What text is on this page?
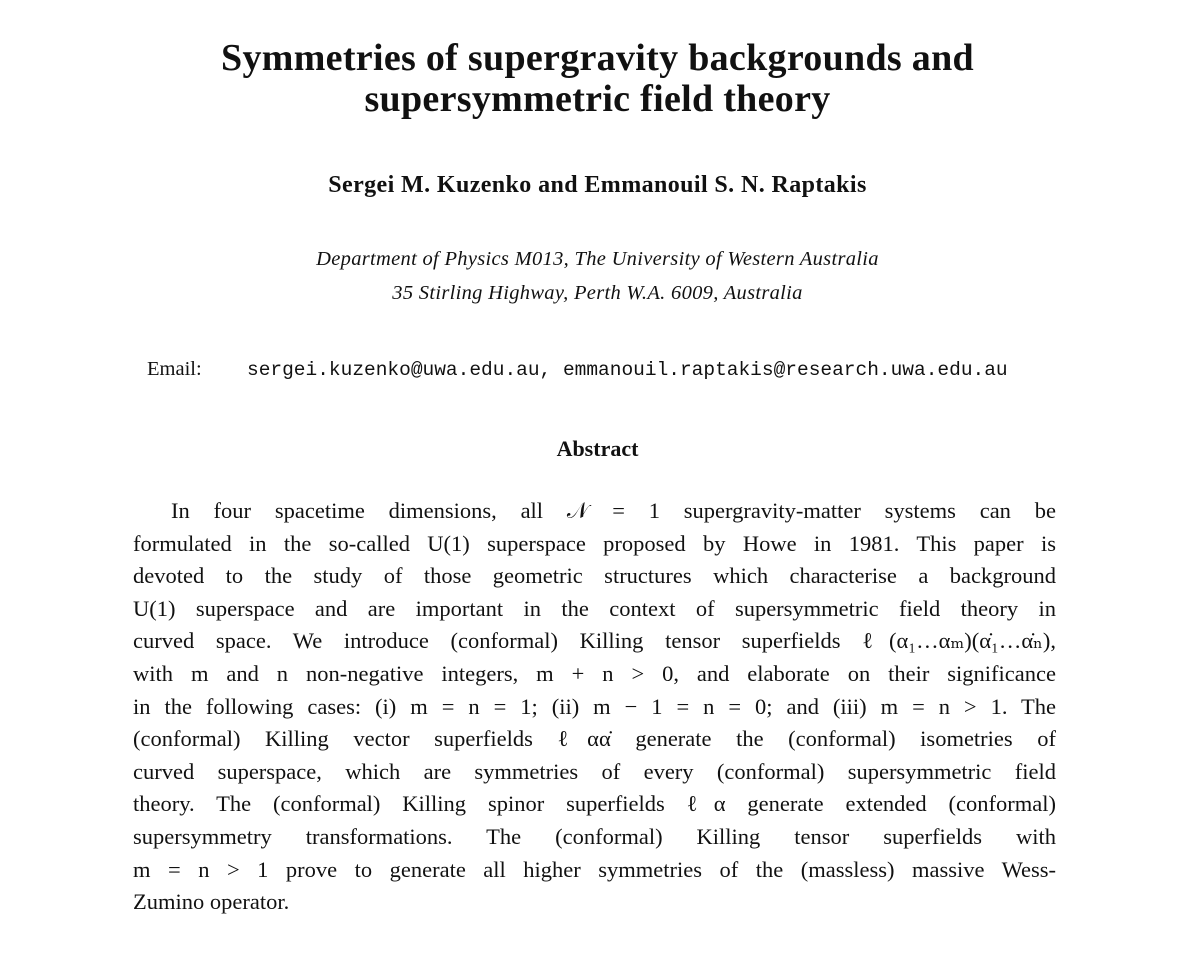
Symmetries of supergravity backgrounds and
supersymmetric field theory
Sergei M. Kuzenko and Emmanouil S. N. Raptakis
Department of Physics M013, The University of Western Australia
35 Stirling Highway, Perth W.A. 6009, Australia
Email: sergei.kuzenko@uwa.edu.au, emmanouil.raptakis@research.uwa.edu.au
Abstract
In four spacetime dimensions, all 𝒩 = 1 supergravity-matter systems can be
formulated in the so-called U(1) superspace proposed by Howe in 1981. This paper is
devoted to the study of those geometric structures which characterise a background
U(1) superspace and are important in the context of supersymmetric field theory in
curved space. We introduce (conformal) Killing tensor superfields ℓ(α₁…αₘ)(α̇₁…α̇ₙ),
with m and n non-negative integers, m + n > 0, and elaborate on their significance
in the following cases: (i) m = n = 1; (ii) m − 1 = n = 0; and (iii) m = n > 1. The
(conformal) Killing vector superfields ℓαα̇ generate the (conformal) isometries of
curved superspace, which are symmetries of every (conformal) supersymmetric field
theory. The (conformal) Killing spinor superfields ℓα generate extended (conformal)
supersymmetry transformations. The (conformal) Killing tensor superfields with
m = n > 1 prove to generate all higher symmetries of the (massless) massive Wess-
Zumino operator.
